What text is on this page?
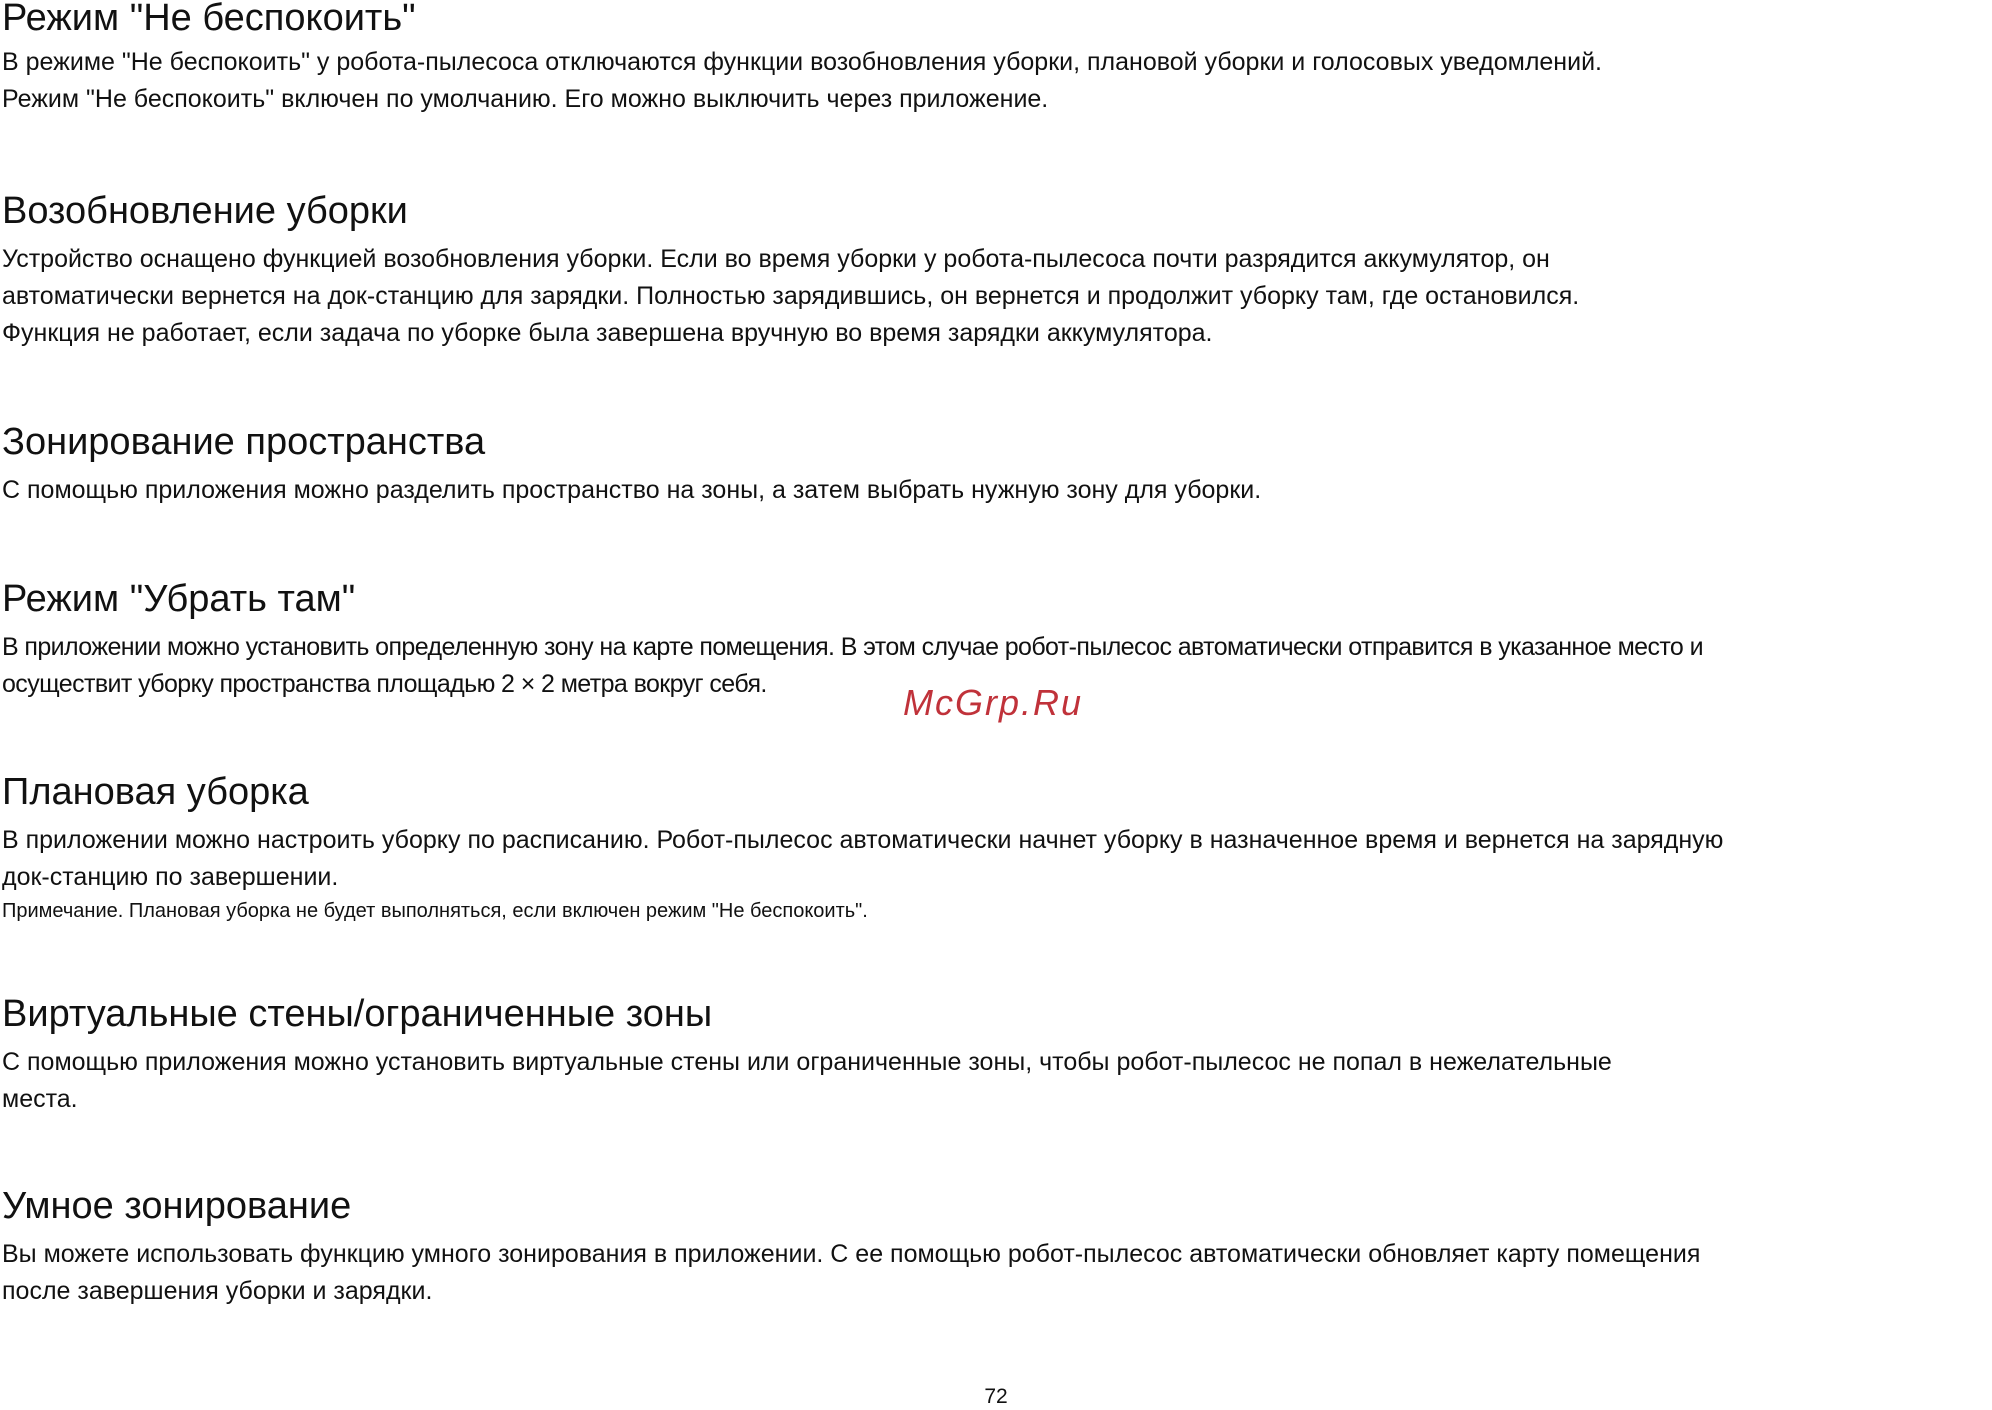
Режим "Не беспокоить"
В режиме "Не беспокоить" у робота-пылесоса отключаются функции возобновления уборки, плановой уборки и голосовых уведомлений.
Режим "Не беспокоить" включен по умолчанию. Его можно выключить через приложение.
Возобновление уборки
Устройство оснащено функцией возобновления уборки. Если во время уборки у робота-пылесоса почти разрядится аккумулятор, он
автоматически вернется на док-станцию для зарядки. Полностью зарядившись, он вернется и продолжит уборку там, где остановился.
Функция не работает, если задача по уборке была завершена вручную во время зарядки аккумулятора.
Зонирование пространства
С помощью приложения можно разделить пространство на зоны, а затем выбрать нужную зону для уборки.
Режим "Убрать там"
В приложении можно установить определенную зону на карте помещения. В этом случае робот-пылесос автоматически отправится в указанное место и
осуществит уборку пространства площадью 2 × 2 метра вокруг себя.
Плановая уборка
В приложении можно настроить уборку по расписанию. Робот-пылесос автоматически начнет уборку в назначенное время и вернется на зарядную
док-станцию по завершении.

Примечание. Плановая уборка не будет выполняться, если включен режим "Не беспокоить".

Виртуальные стены/ограниченные зоны
С помощью приложения можно установить виртуальные стены или ограниченные зоны, чтобы робот-пылесос не попал в нежелательные
места.
Умное зонирование
Вы можете использовать функцию умного зонирования в приложении. С ее помощью робот-пылесос автоматически обновляет карту помещения
после завершения уборки и зарядки.
McGrp.Ru
72
